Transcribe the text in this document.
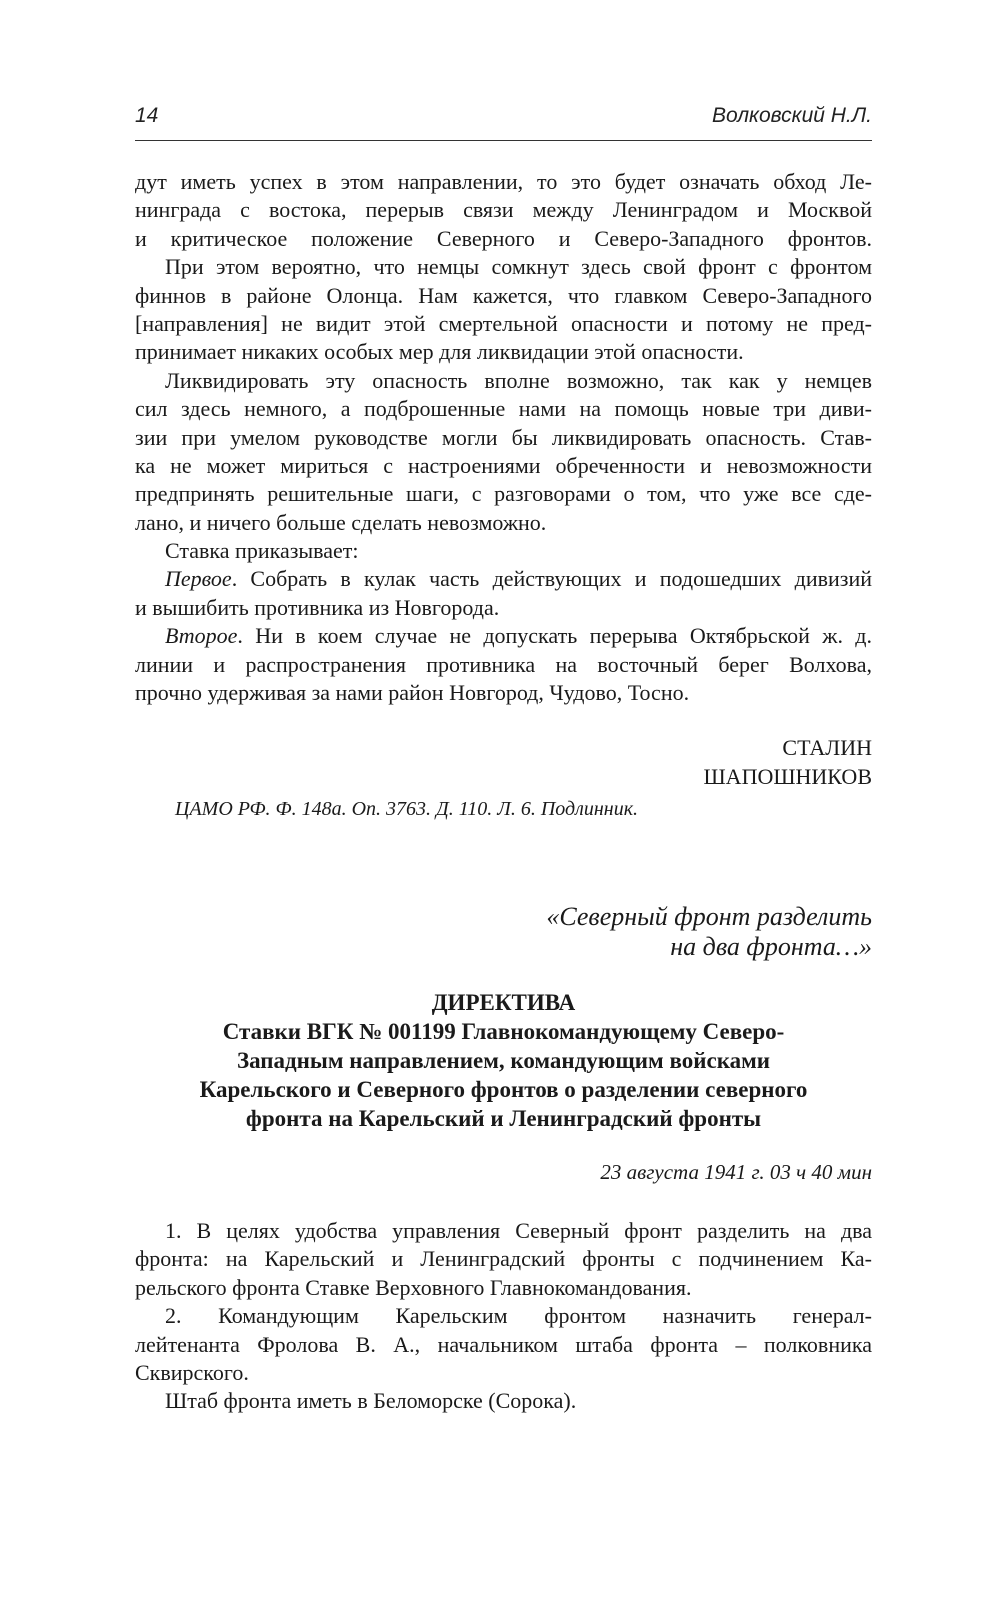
14	Волковский Н.Л.
дут иметь успех в этом направлении, то это будет означать обход Ле-
нинграда с востока, перерыв связи между Ленинградом и Москвой
и критическое положение Северного и Северо-Западного фронтов.
При этом вероятно, что немцы сомкнут здесь свой фронт с фронтом
финнов в районе Олонца. Нам кажется, что главком Северо-Западного
[направления] не видит этой смертельной опасности и потому не пред-
принимает никаких особых мер для ликвидации этой опасности.
Ликвидировать эту опасность вполне возможно, так как у немцев
сил здесь немного, а подброшенные нами на помощь новые три диви-
зии при умелом руководстве могли бы ликвидировать опасность. Став-
ка не может мириться с настроениями обреченности и невозможности
предпринять решительные шаги, с разговорами о том, что уже все сде-
лано, и ничего больше сделать невозможно.
Ставка приказывает:
Первое. Собрать в кулак часть действующих и подошедших дивизий
и вышибить противника из Новгорода.
Второе. Ни в коем случае не допускать перерыва Октябрьской ж. д.
линии и распространения противника на восточный берег Волхова,
прочно удерживая за нами район Новгород, Чудово, Тосно.
СТАЛИН
ШАПОШНИКОВ
ЦАМО РФ. Ф. 148а. Оп. 3763. Д. 110. Л. 6. Подлинник.
«Северный фронт разделить
на два фронта…»
ДИРЕКТИВА
Ставки ВГК № 001199 Главнокомандующему Северо-
Западным направлением, командующим войсками
Карельского и Северного фронтов о разделении северного
фронта на Карельский и Ленинградский фронты
23 августа 1941 г. 03 ч 40 мин
1. В целях удобства управления Северный фронт разделить на два
фронта: на Карельский и Ленинградский фронты с подчинением Ка-
рельского фронта Ставке Верховного Главнокомандования.
2. Командующим Карельским фронтом назначить генерал-
лейтенанта Фролова В. А., начальником штаба фронта – полковника
Сквирского.
Штаб фронта иметь в Беломорске (Сорока).
